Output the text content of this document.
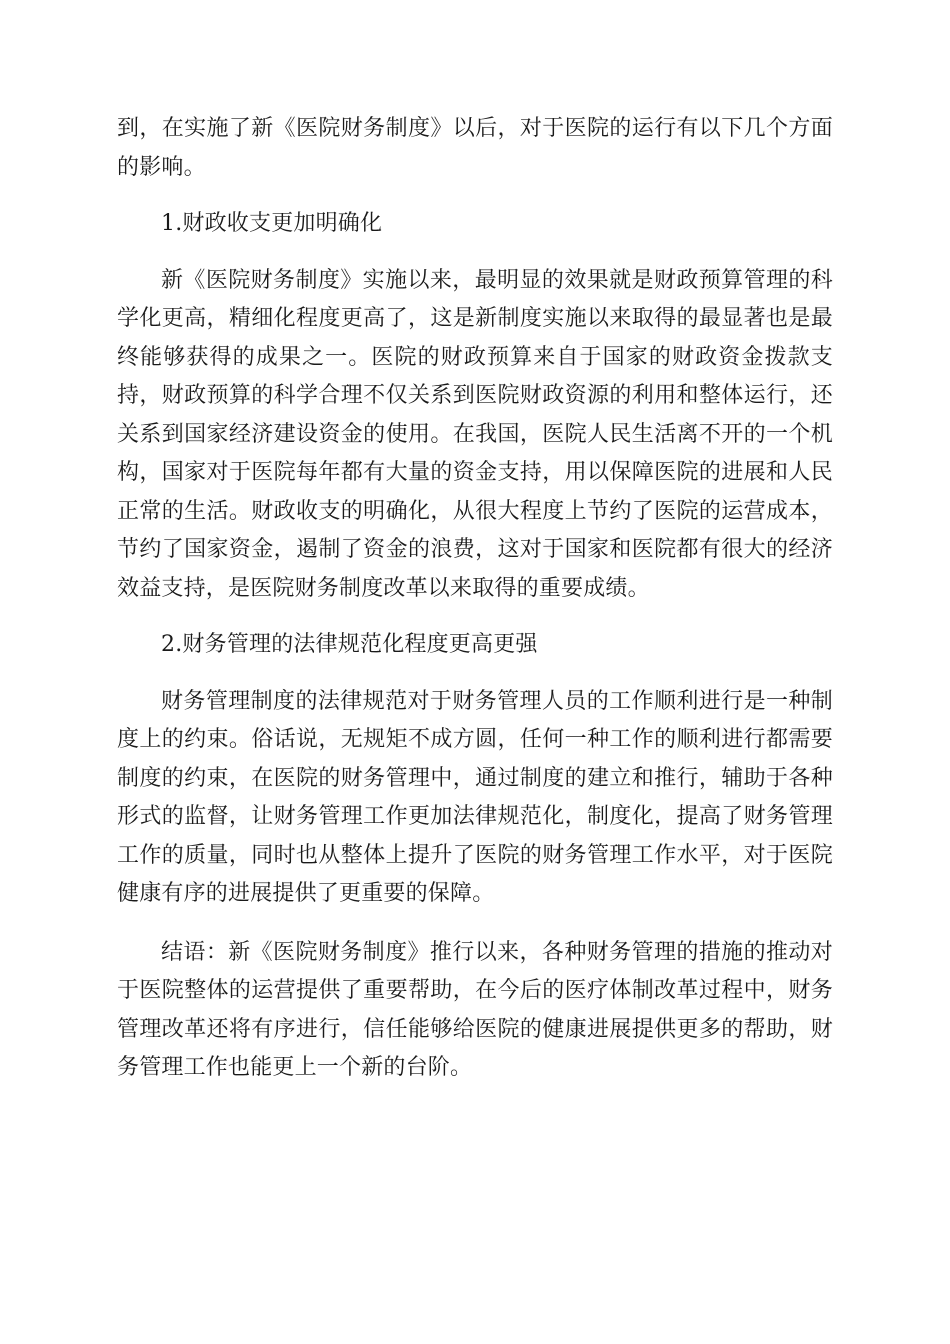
到，在实施了新《医院财务制度》以后，对于医院的运行有以下几个方面的影响。

1.财政收支更加明确化

新《医院财务制度》实施以来，最明显的效果就是财政预算管理的科学化更高，精细化程度更高了，这是新制度实施以来取得的最显著也是最终能够获得的成果之一。医院的财政预算来自于国家的财政资金拨款支持，财政预算的科学合理不仅关系到医院财政资源的利用和整体运行，还关系到国家经济建设资金的使用。在我国，医院人民生活离不开的一个机构，国家对于医院每年都有大量的资金支持，用以保障医院的进展和人民正常的生活。财政收支的明确化，从很大程度上节约了医院的运营成本，节约了国家资金，遏制了资金的浪费，这对于国家和医院都有很大的经济效益支持，是医院财务制度改革以来取得的重要成绩。

2.财务管理的法律规范化程度更高更强

财务管理制度的法律规范对于财务管理人员的工作顺利进行是一种制度上的约束。俗话说，无规矩不成方圆，任何一种工作的顺利进行都需要制度的约束，在医院的财务管理中，通过制度的建立和推行，辅助于各种形式的监督，让财务管理工作更加法律规范化，制度化，提高了财务管理工作的质量，同时也从整体上提升了医院的财务管理工作水平，对于医院健康有序的进展提供了更重要的保障。

结语：新《医院财务制度》推行以来，各种财务管理的措施的推动对于医院整体的运营提供了重要帮助，在今后的医疗体制改革过程中，财务管理改革还将有序进行，信任能够给医院的健康进展提供更多的帮助，财务管理工作也能更上一个新的台阶。
